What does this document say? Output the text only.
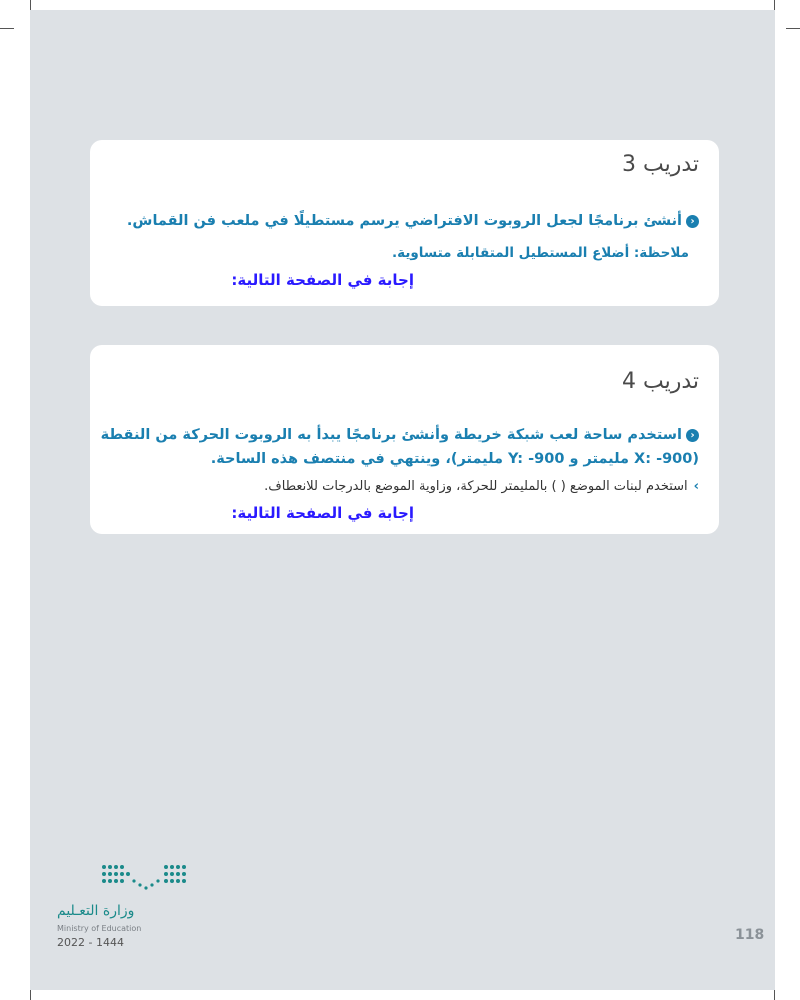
تدريب 3
‹أنشئ برنامجًا لجعل الروبوت الافتراضي يرسم مستطيلًا في ملعب فن القماش.
ملاحظة: أضلاع المستطيل المتقابلة متساوية.
إجابة في الصفحة التالية:
تدريب 4
‹استخدم ساحة لعب شبكة خريطة وأنشئ برنامجًا يبدأ به الروبوت الحركة من النقطة
(X: -900 مليمتر و Y: -900 مليمتر)، وينتهي في منتصف هذه الساحة.
›استخدم لبنات الموضع ( ) بالمليمتر للحركة، وزاوية الموضع بالدرجات للانعطاف.
إجابة في الصفحة التالية:
118
وزارة التعـليم
Ministry of Education
2022 - 1444
